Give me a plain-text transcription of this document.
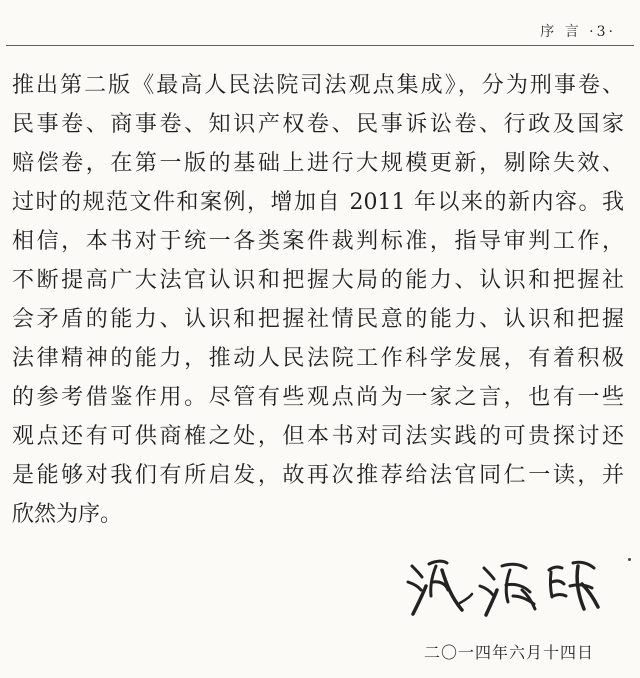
序 言 ·3·
推出第二版《最高人民法院司法观点集成》，分为刑事卷、
民事卷、商事卷、知识产权卷、民事诉讼卷、行政及国家
赔偿卷，在第一版的基础上进行大规模更新，剔除失效、
过时的规范文件和案例，增加自 2011 年以来的新内容。我
相信，本书对于统一各类案件裁判标准，指导审判工作，
不断提高广大法官认识和把握大局的能力、认识和把握社
会矛盾的能力、认识和把握社情民意的能力、认识和把握
法律精神的能力，推动人民法院工作科学发展，有着积极
的参考借鉴作用。尽管有些观点尚为一家之言，也有一些
观点还有可供商榷之处，但本书对司法实践的可贵探讨还
是能够对我们有所启发，故再次推荐给法官同仁一读，并
欣然为序。
二〇一四年六月十四日
